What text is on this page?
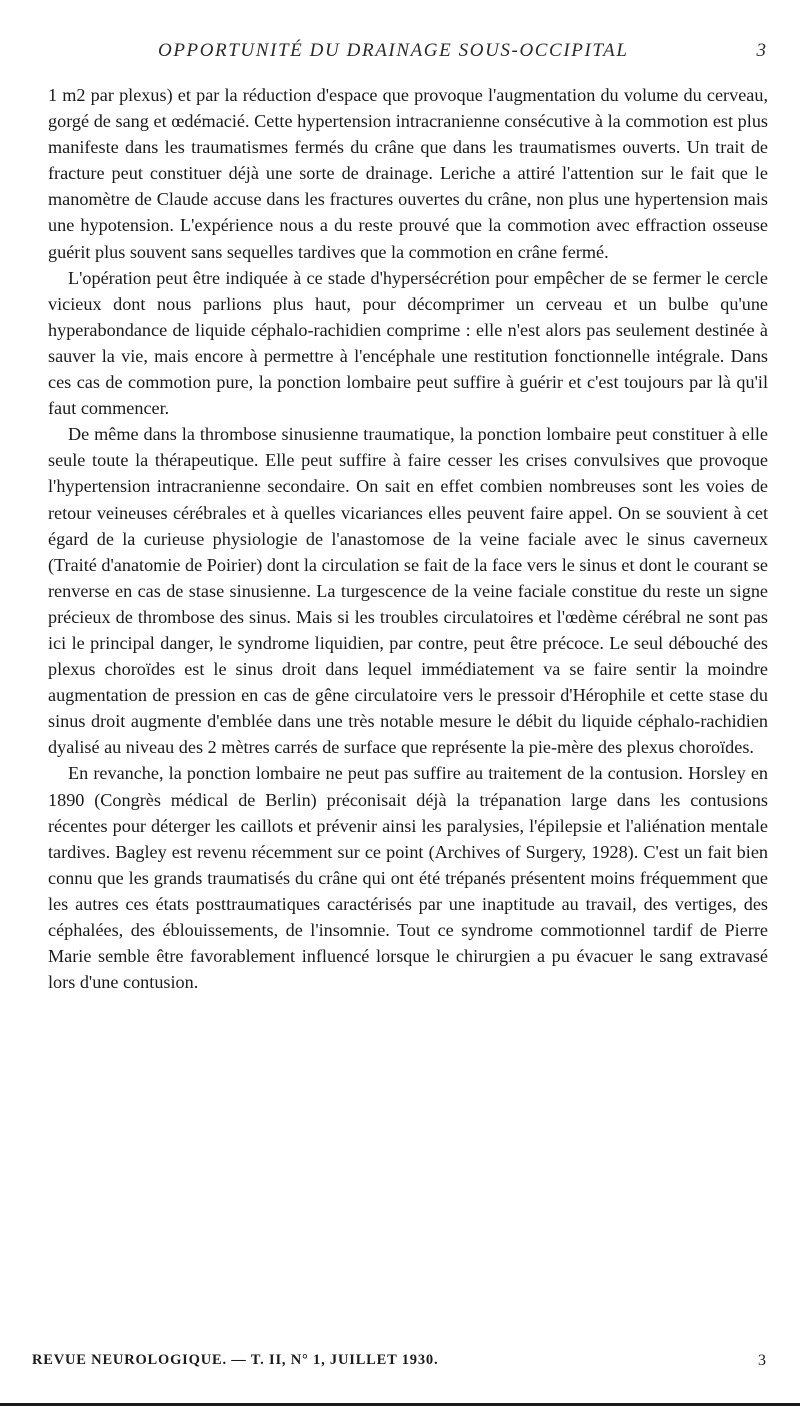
OPPORTUNITÉ DU DRAINAGE SOUS-OCCIPITAL	3

1 m2 par plexus) et par la réduction d'espace que provoque l'augmentation du volume du cerveau, gorgé de sang et œdémacié. Cette hypertension intracranienne consécutive à la commotion est plus manifeste dans les traumatismes fermés du crâne que dans les traumatismes ouverts. Un trait de fracture peut constituer déjà une sorte de drainage. Leriche a attiré l'attention sur le fait que le manomètre de Claude accuse dans les fractures ouvertes du crâne, non plus une hypertension mais une hypotension. L'expérience nous a du reste prouvé que la commotion avec effraction osseuse guérit plus souvent sans sequelles tardives que la commotion en crâne fermé.

L'opération peut être indiquée à ce stade d'hypersécrétion pour empêcher de se fermer le cercle vicieux dont nous parlions plus haut, pour décomprimer un cerveau et un bulbe qu'une hyperabondance de liquide céphalo-rachidien comprime : elle n'est alors pas seulement destinée à sauver la vie, mais encore à permettre à l'encéphale une restitution fonctionnelle intégrale. Dans ces cas de commotion pure, la ponction lombaire peut suffire à guérir et c'est toujours par là qu'il faut commencer.

De même dans la thrombose sinusienne traumatique, la ponction lombaire peut constituer à elle seule toute la thérapeutique. Elle peut suffire à faire cesser les crises convulsives que provoque l'hypertension intracranienne secondaire. On sait en effet combien nombreuses sont les voies de retour veineuses cérébrales et à quelles vicariances elles peuvent faire appel. On se souvient à cet égard de la curieuse physiologie de l'anastomose de la veine faciale avec le sinus caverneux (Traité d'anatomie de Poirier) dont la circulation se fait de la face vers le sinus et dont le courant se renverse en cas de stase sinusienne. La turgescence de la veine faciale constitue du reste un signe précieux de thrombose des sinus. Mais si les troubles circulatoires et l'œdème cérébral ne sont pas ici le principal danger, le syndrome liquidien, par contre, peut être précoce. Le seul débouché des plexus choroïdes est le sinus droit dans lequel immédiatement va se faire sentir la moindre augmentation de pression en cas de gêne circulatoire vers le pressoir d'Hérophile et cette stase du sinus droit augmente d'emblée dans une très notable mesure le débit du liquide céphalo-rachidien dyalisé au niveau des 2 mètres carrés de surface que représente la pie-mère des plexus choroïdes.

En revanche, la ponction lombaire ne peut pas suffire au traitement de la contusion. Horsley en 1890 (Congrès médical de Berlin) préconisait déjà la trépanation large dans les contusions récentes pour déterger les caillots et prévenir ainsi les paralysies, l'épilepsie et l'aliénation mentale tardives. Bagley est revenu récemment sur ce point (Archives of Surgery, 1928). C'est un fait bien connu que les grands traumatisés du crâne qui ont été trépanés présentent moins fréquemment que les autres ces états posttraumatiques caractérisés par une inaptitude au travail, des vertiges, des céphalées, des éblouissements, de l'insomnie. Tout ce syndrome commotionnel tardif de Pierre Marie semble être favorablement influencé lorsque le chirurgien a pu évacuer le sang extravasé lors d'une contusion.

REVUE NEUROLOGIQUE. — T. II, N° 1, JUILLET 1930.	3
